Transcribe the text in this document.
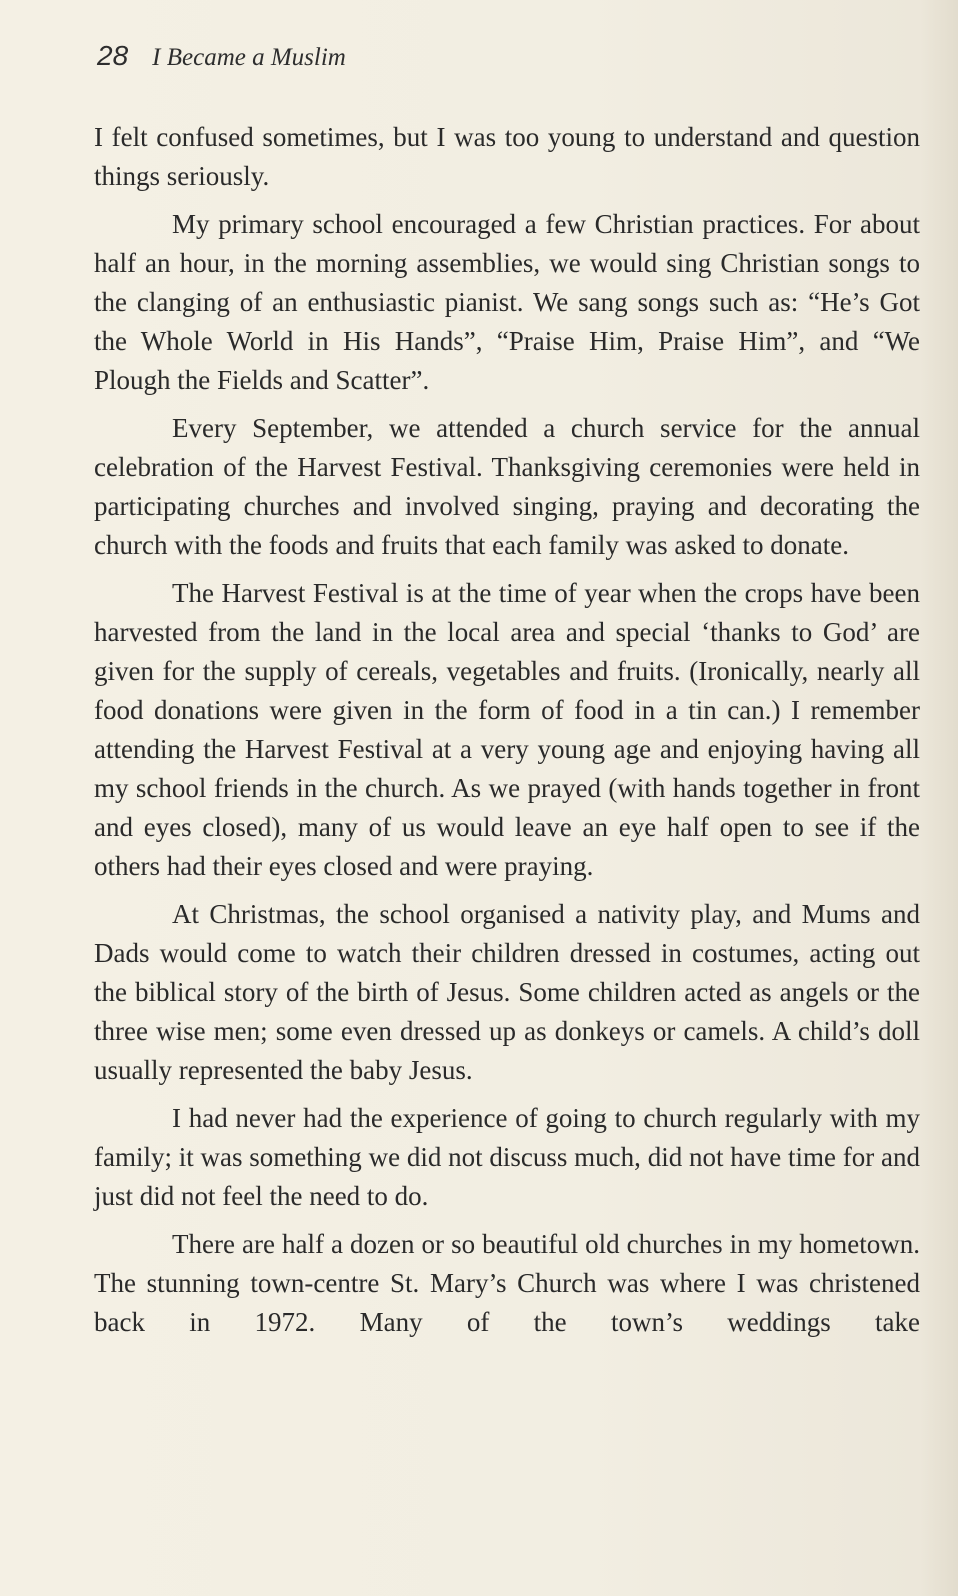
28 I Became a Muslim

I felt confused sometimes, but I was too young to understand and question things seriously.

My primary school encouraged a few Christian practices. For about half an hour, in the morning assemblies, we would sing Christian songs to the clanging of an enthusiastic pianist. We sang songs such as: “He’s Got the Whole World in His Hands”, “Praise Him, Praise Him”, and “We Plough the Fields and Scatter”.

Every September, we attended a church service for the annual celebration of the Harvest Festival. Thanksgiving ceremonies were held in participating churches and involved singing, praying and decorating the church with the foods and fruits that each family was asked to donate.

The Harvest Festival is at the time of year when the crops have been harvested from the land in the local area and special ‘thanks to God’ are given for the supply of cereals, vegetables and fruits. (Ironically, nearly all food donations were given in the form of food in a tin can.) I remember attending the Harvest Festival at a very young age and enjoying having all my school friends in the church. As we prayed (with hands together in front and eyes closed), many of us would leave an eye half open to see if the others had their eyes closed and were praying.

At Christmas, the school organised a nativity play, and Mums and Dads would come to watch their children dressed in costumes, acting out the biblical story of the birth of Jesus. Some children acted as angels or the three wise men; some even dressed up as donkeys or camels. A child’s doll usually represented the baby Jesus.

I had never had the experience of going to church regularly with my family; it was something we did not discuss much, did not have time for and just did not feel the need to do.

There are half a dozen or so beautiful old churches in my hometown. The stunning town-centre St. Mary’s Church was where I was christened back in 1972. Many of the town’s weddings take
